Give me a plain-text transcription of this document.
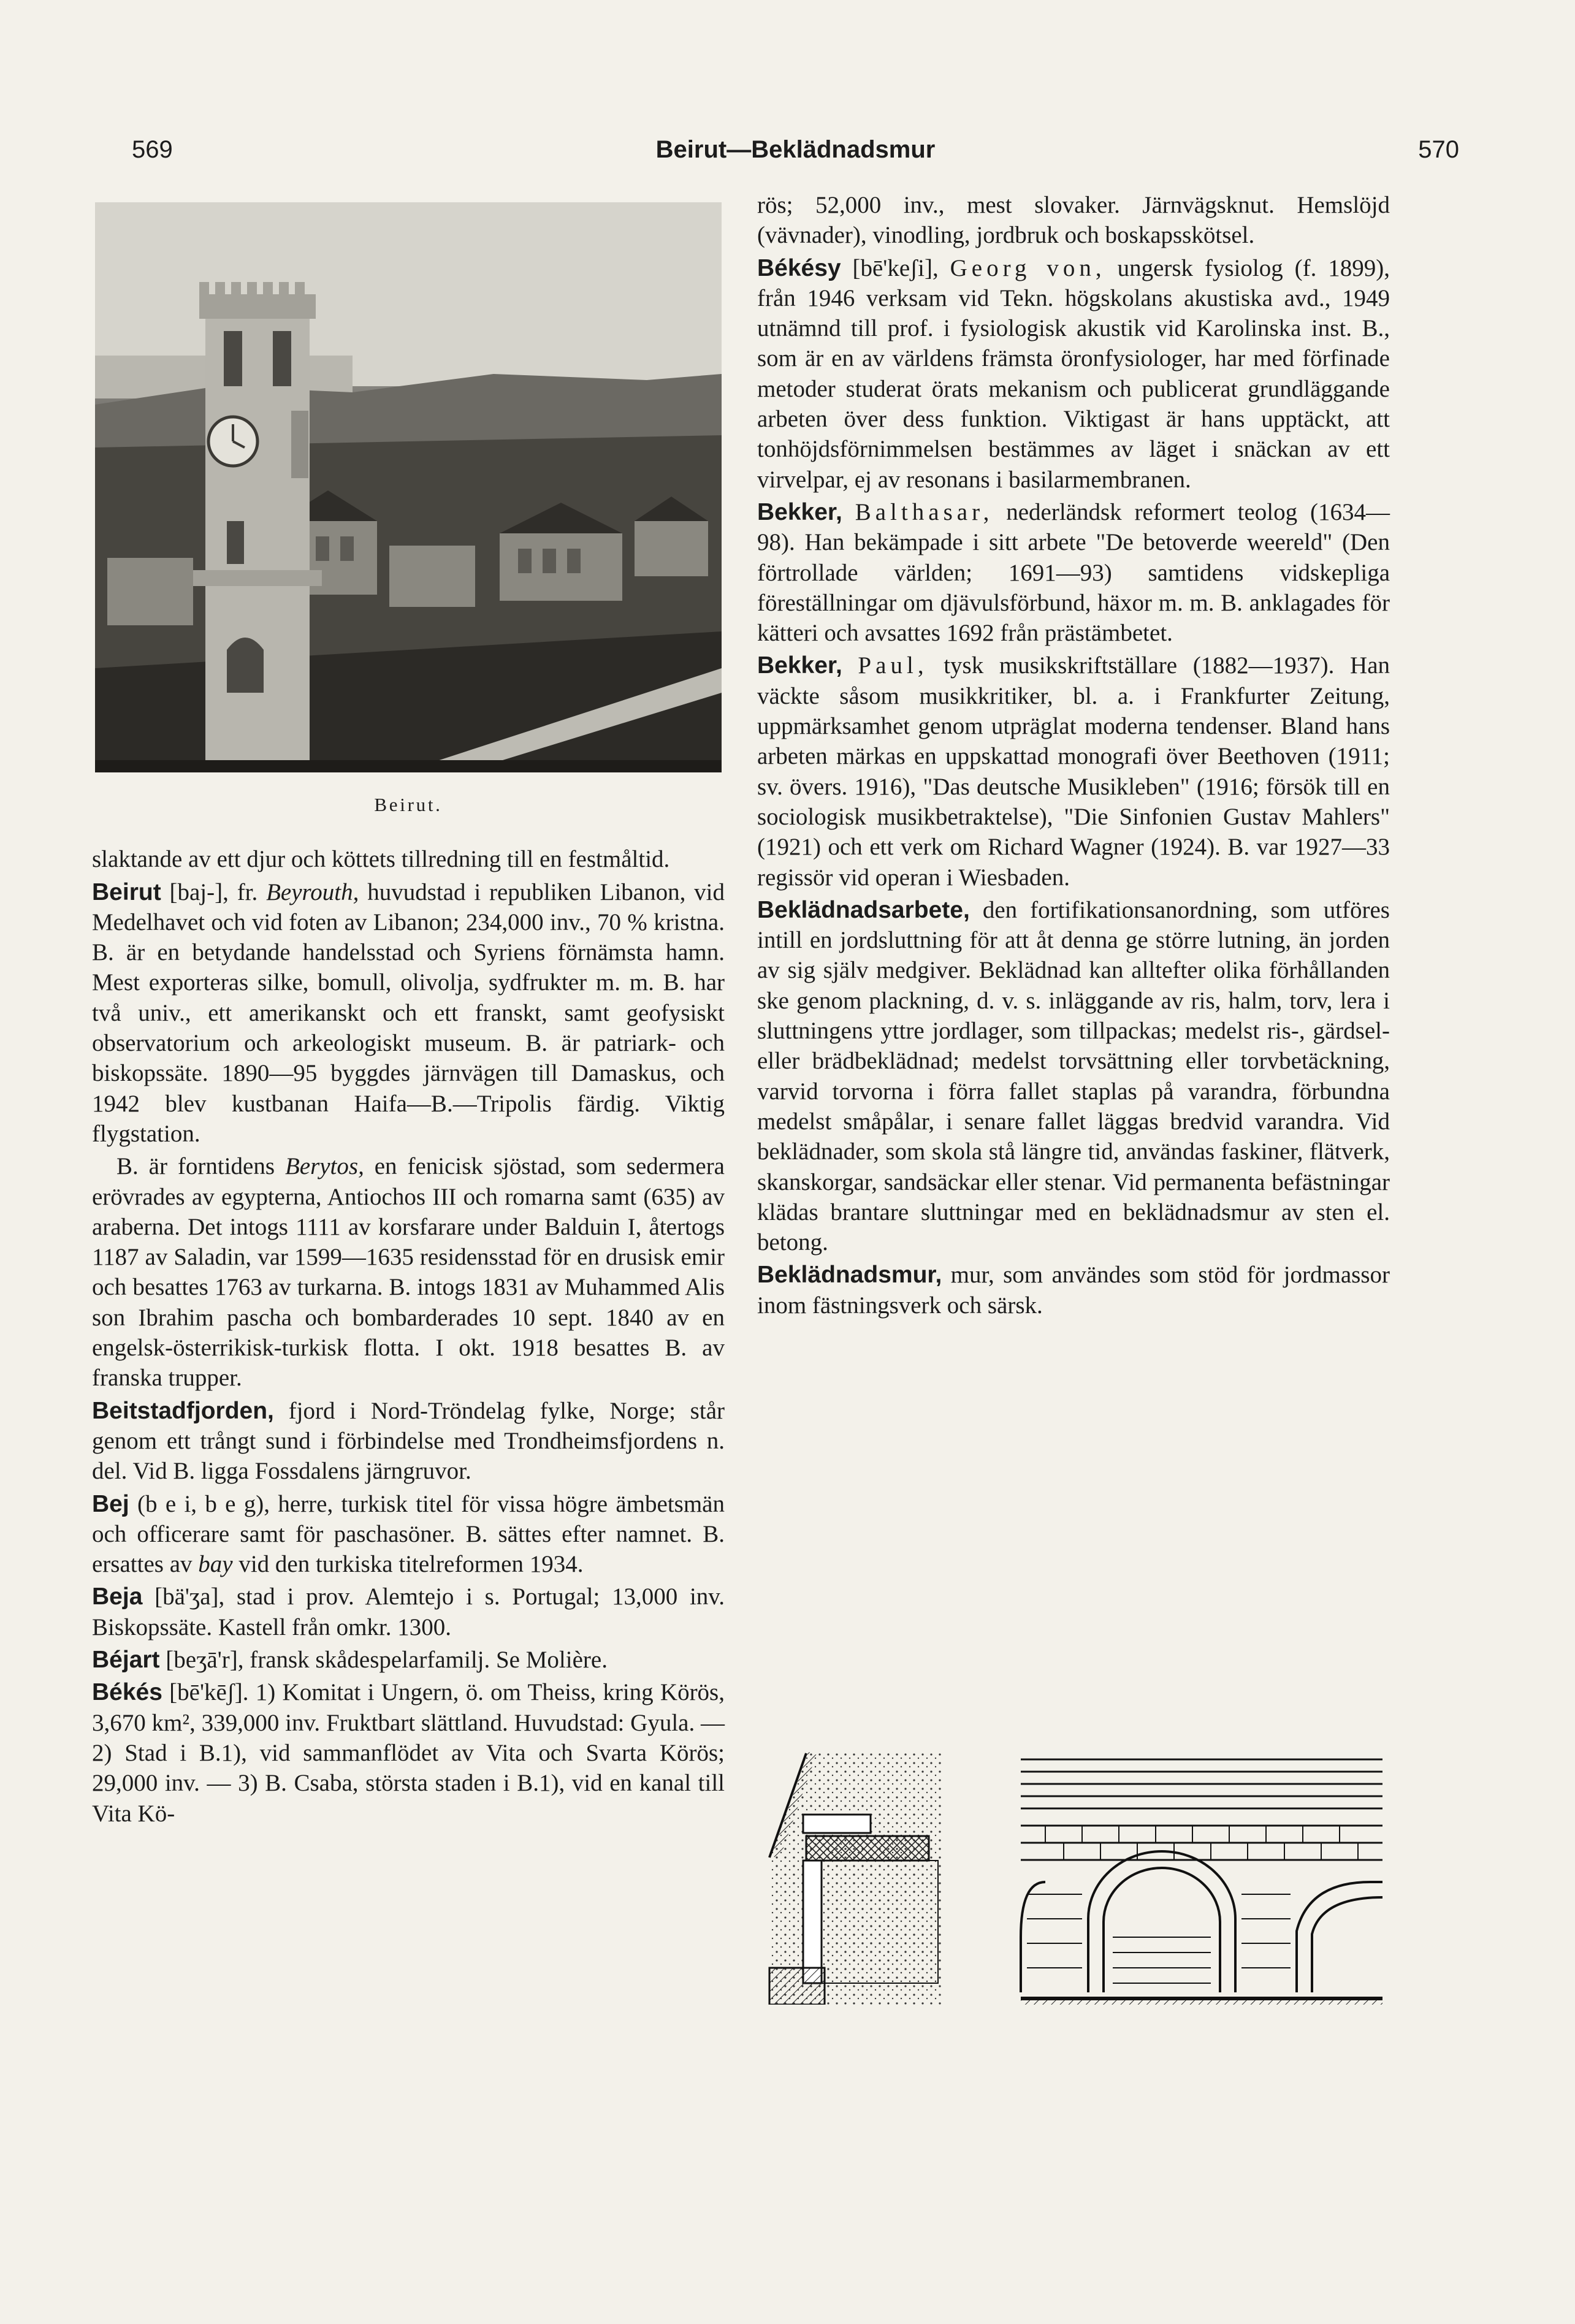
569	Beirut—Beklädnadsmur	570
Beirut.

slaktande av ett djur och köttets tillredning till en festmåltid.

Beirut [baj-], fr. Beyrouth, huvudstad i republiken Libanon, vid Medelhavet och vid foten av Libanon; 234,000 inv., 70 % kristna. B. är en betydande handelsstad och Syriens förnämsta hamn. Mest exporteras silke, bomull, olivolja, sydfrukter m. m. B. har två univ., ett amerikanskt och ett franskt, samt geofysiskt observatorium och arkeologiskt museum. B. är patriark- och biskopssäte. 1890—95 byggdes järnvägen till Damaskus, och 1942 blev kustbanan Haifa—B.—Tripolis färdig. Viktig flygstation.

B. är forntidens Berytos, en fenicisk sjöstad, som sedermera erövrades av egypterna, Antiochos III och romarna samt (635) av araberna. Det intogs 1111 av korsfarare under Balduin I, återtogs 1187 av Saladin, var 1599—1635 residensstad för en drusisk emir och besattes 1763 av turkarna. B. intogs 1831 av Muhammed Alis son Ibrahim pascha och bombarderades 10 sept. 1840 av en engelsk-österrikisk-turkisk flotta. I okt. 1918 besattes B. av franska trupper.

Beitstadfjorden, fjord i Nord-Tröndelag fylke, Norge; står genom ett trångt sund i förbindelse med Trondheimsfjordens n. del. Vid B. ligga Fossdalens järngruvor.

Bej (b e i, b e g), herre, turkisk titel för vissa högre ämbetsmän och officerare samt för paschasöner. B. sättes efter namnet. B. ersattes av bay vid den turkiska titelreformen 1934.

Beja [bä'ʒa], stad i prov. Alemtejo i s. Portugal; 13,000 inv. Biskopssäte. Kastell från omkr. 1300.

Béjart [beʒā'r], fransk skådespelarfamilj. Se Molière.

Békés [bē'kēʃ]. 1) Komitat i Ungern, ö. om Theiss, kring Körös, 3,670 km², 339,000 inv. Fruktbart slättland. Huvudstad: Gyula. — 2) Stad i B.1), vid sammanflödet av Vita och Svarta Körös; 29,000 inv. — 3) B. Csaba, största staden i B.1), vid en kanal till Vita Kö-

rös; 52,000 inv., mest slovaker. Järnvägsknut. Hemslöjd (vävnader), vinodling, jordbruk och boskapsskötsel.

Békésy [bē'keʃi], Georg von, ungersk fysiolog (f. 1899), från 1946 verksam vid Tekn. högskolans akustiska avd., 1949 utnämnd till prof. i fysiologisk akustik vid Karolinska inst. B., som är en av världens främsta öronfysiologer, har med förfinade metoder studerat örats mekanism och publicerat grundläggande arbeten över dess funktion. Viktigast är hans upptäckt, att tonhöjdsförnimmelsen bestämmes av läget i snäckan av ett virvelpar, ej av resonans i basilarmembranen.

Bekker, Balthasar, nederländsk reformert teolog (1634—98). Han bekämpade i sitt arbete "De betoverde weereld" (Den förtrollade världen; 1691—93) samtidens vidskepliga föreställningar om djävulsförbund, häxor m. m. B. anklagades för kätteri och avsattes 1692 från prästämbetet.

Bekker, Paul, tysk musikskriftställare (1882—1937). Han väckte såsom musikkritiker, bl. a. i Frankfurter Zeitung, uppmärksamhet genom utpräglat moderna tendenser. Bland hans arbeten märkas en uppskattad monografi över Beethoven (1911; sv. övers. 1916), "Das deutsche Musikleben" (1916; försök till en sociologisk musikbetraktelse), "Die Sinfonien Gustav Mahlers" (1921) och ett verk om Richard Wagner (1924). B. var 1927—33 regissör vid operan i Wiesbaden.

Beklädnadsarbete, den fortifikationsanordning, som utföres intill en jordsluttning för att åt denna ge större lutning, än jorden av sig själv medgiver. Beklädnad kan alltefter olika förhållanden ske genom plackning, d. v. s. inläggande av ris, halm, torv, lera i sluttningens yttre jordlager, som tillpackas; medelst ris-, gärdsel- eller brädbeklädnad; medelst torvsättning eller torvbetäckning, varvid torvorna i förra fallet staplas på varandra, förbundna medelst småpålar, i senare fallet läggas bredvid varandra. Vid beklädnader, som skola stå längre tid, användas faskiner, flätverk, skanskorgar, sandsäckar eller stenar. Vid permanenta befästningar klädas brantare sluttningar med en beklädnadsmur av sten el. betong.

Beklädnadsmur, mur, som användes som stöd för jordmassor inom fästningsverk och särsk.
